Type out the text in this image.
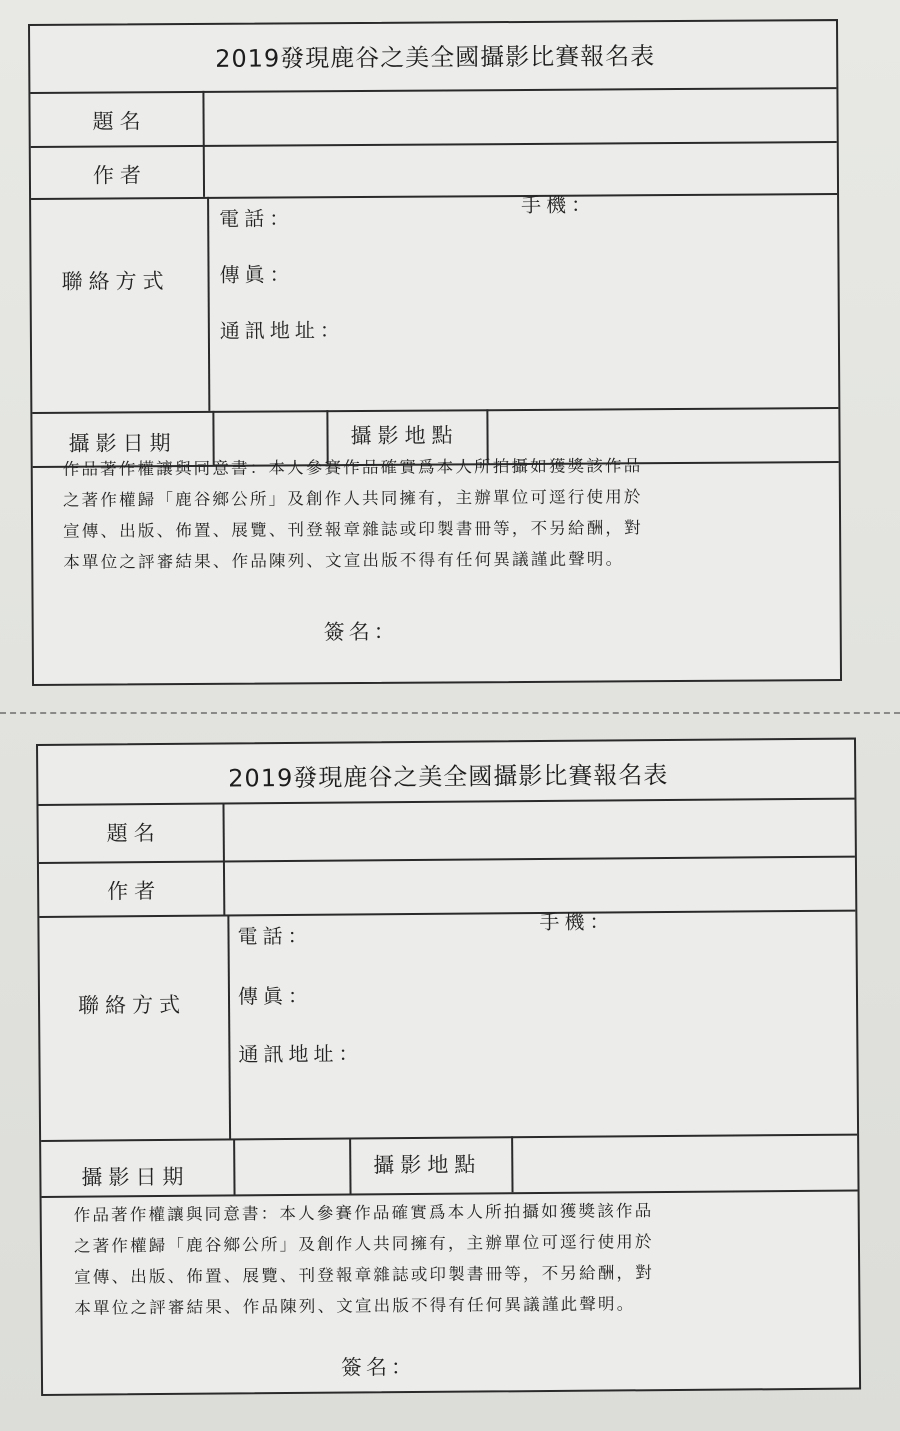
2019發現鹿谷之美全國攝影比賽報名表
題名
作者
聯絡方式
電話：
手機：
傳眞：
通訊地址：
攝影日期	攝影地點
作品著作權讓與同意書：本人參賽作品確實爲本人所拍攝如獲獎該作品
之著作權歸「鹿谷鄉公所」及創作人共同擁有，主辦單位可逕行使用於
宣傳、出版、佈置、展覽、刊登報章雜誌或印製書冊等，不另給酬，對
本單位之評審結果、作品陳列、文宣出版不得有任何異議謹此聲明。
簽名：
2019發現鹿谷之美全國攝影比賽報名表
題名
作者
聯絡方式
電話：
手機：
傳眞：
通訊地址：
攝影日期	攝影地點
作品著作權讓與同意書：本人參賽作品確實爲本人所拍攝如獲獎該作品
之著作權歸「鹿谷鄉公所」及創作人共同擁有，主辦單位可逕行使用於
宣傳、出版、佈置、展覽、刊登報章雜誌或印製書冊等，不另給酬，對
本單位之評審結果、作品陳列、文宣出版不得有任何異議謹此聲明。
簽名：
